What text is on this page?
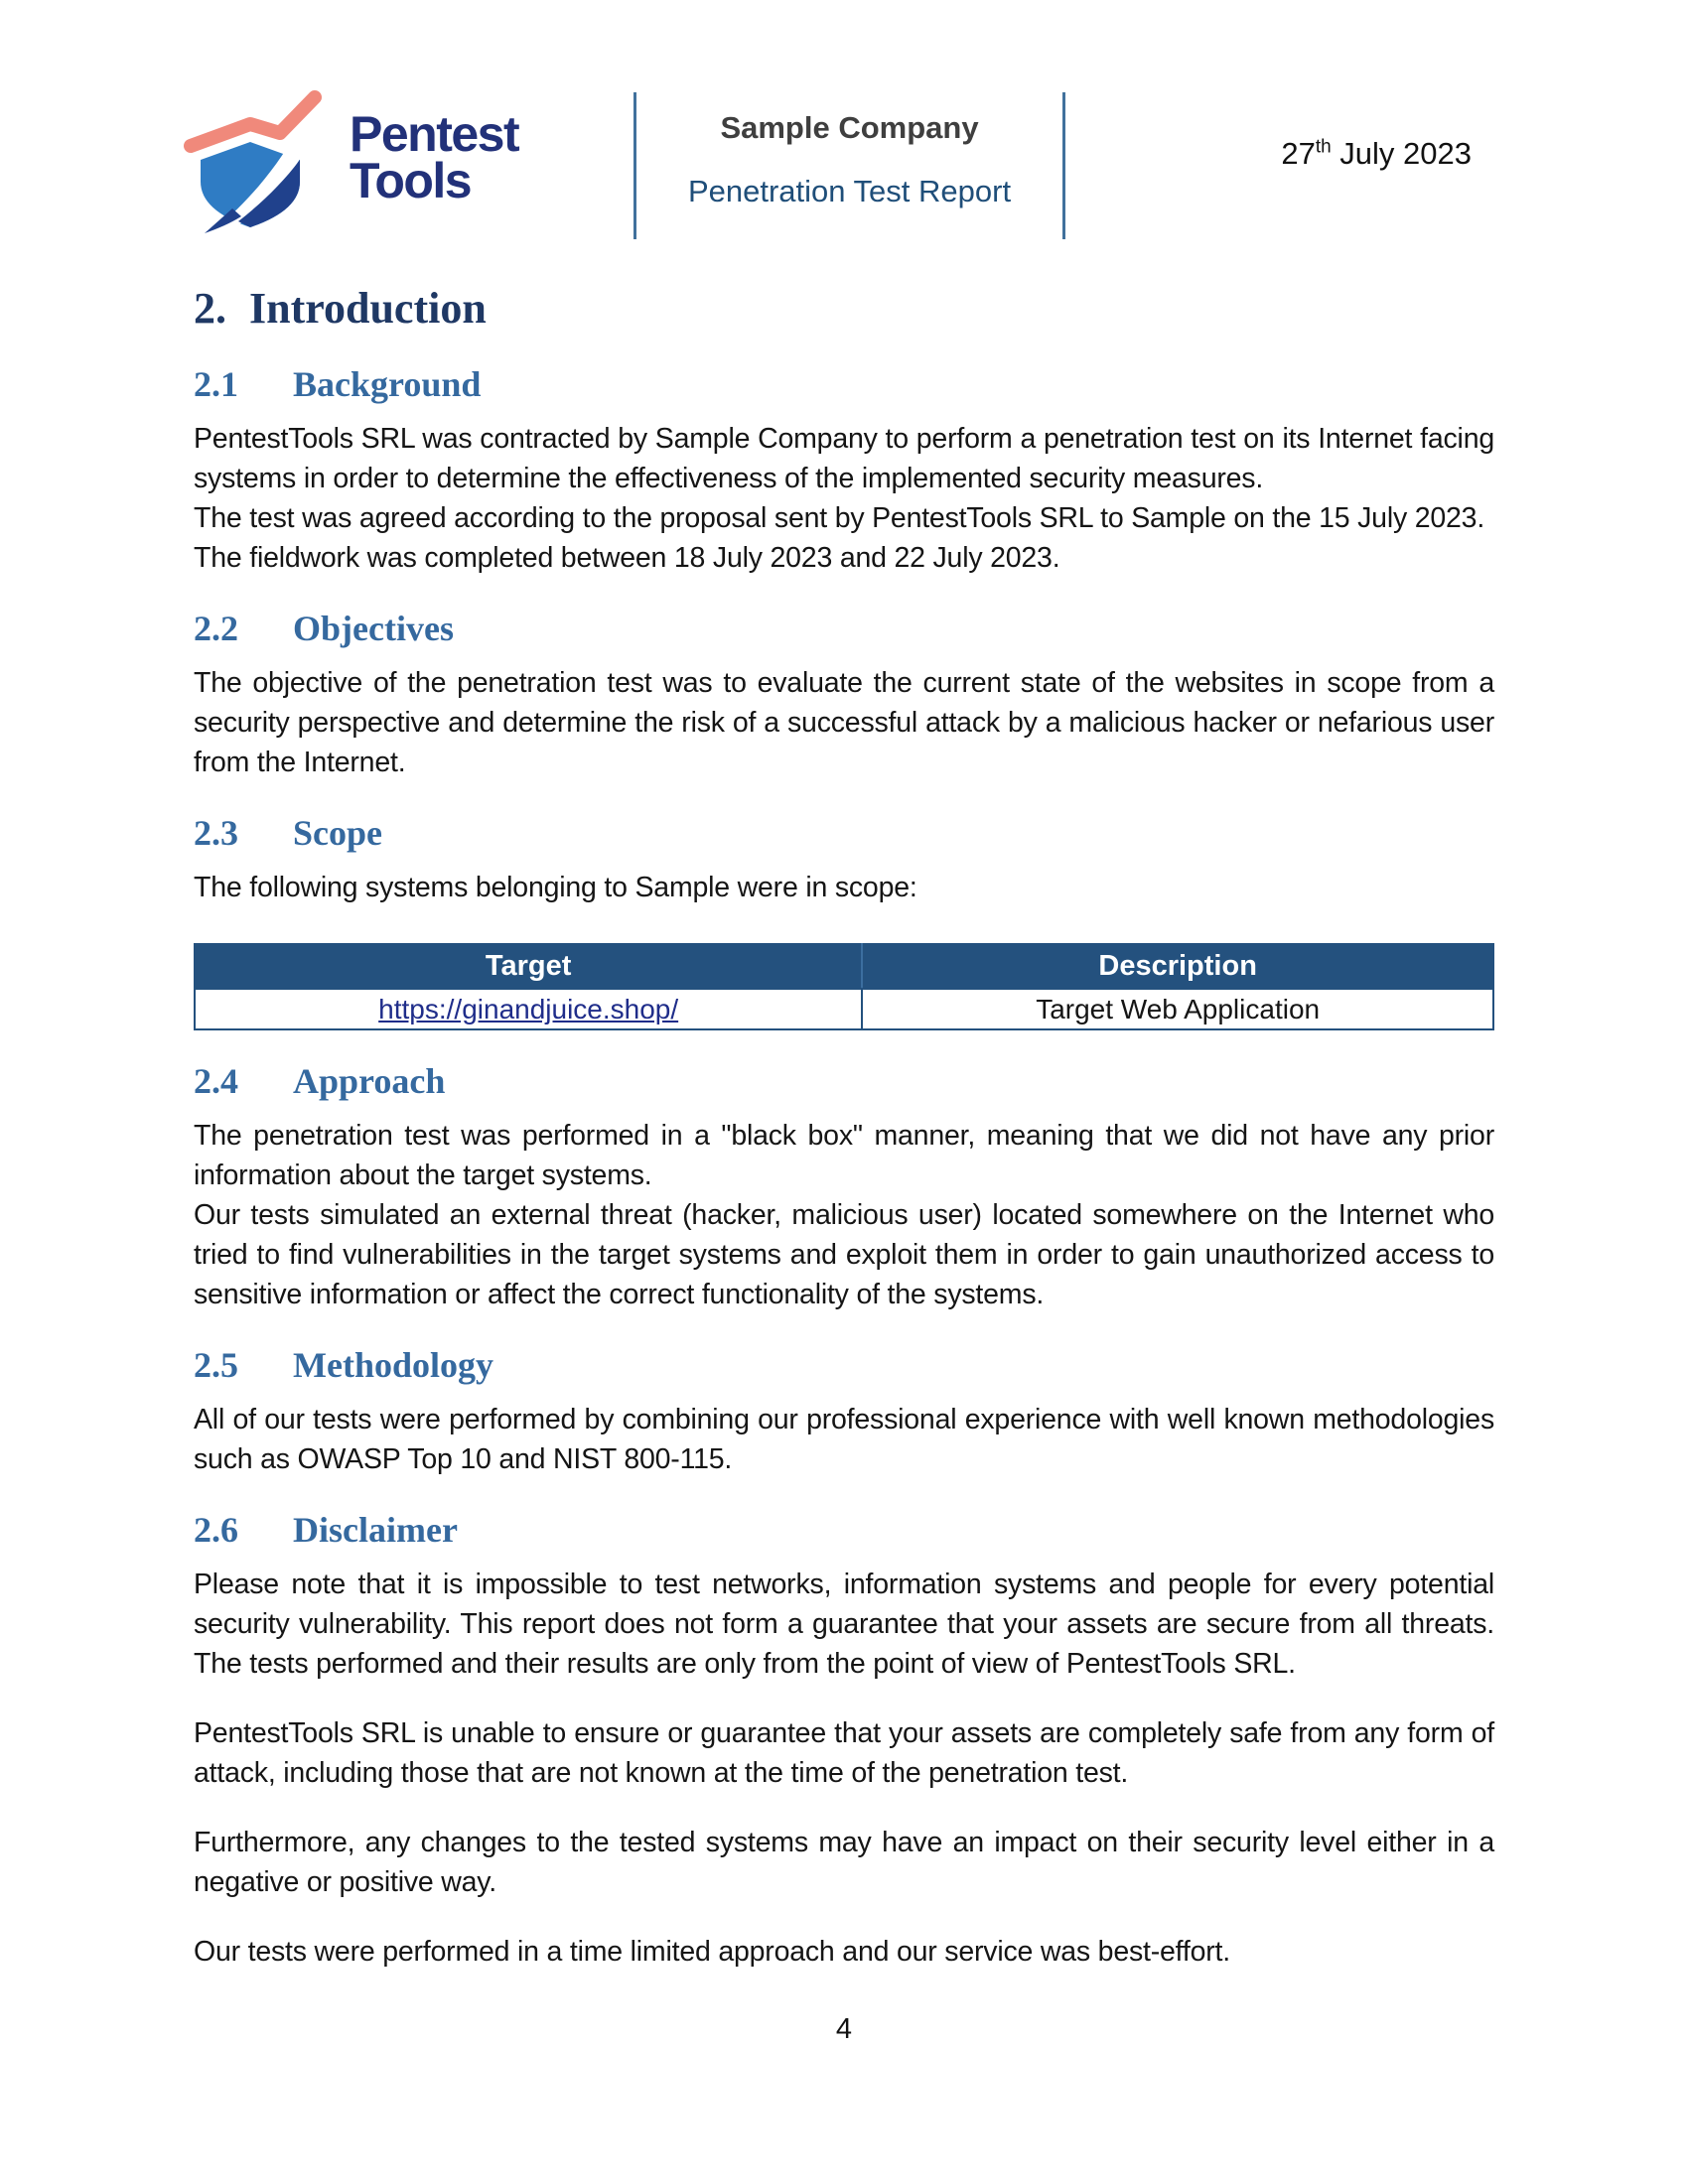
Pentest
Tools

Sample Company

Penetration Test Report

27th July 2023
2. Introduction
2.1	Background

PentestTools SRL was contracted by Sample Company to perform a penetration test on its Internet facing systems in order to determine the effectiveness of the implemented security measures.

The test was agreed according to the proposal sent by PentestTools SRL to Sample on the 15 July 2023.

The fieldwork was completed between 18 July 2023 and 22 July 2023.

2.2	Objectives

The objective of the penetration test was to evaluate the current state of the websites in scope from a security perspective and determine the risk of a successful attack by a malicious hacker or nefarious user from the Internet.

2.3	Scope

The following systems belonging to Sample were in scope:

Target	Description
https://ginandjuice.shop/	Target Web Application
2.4	Approach

The penetration test was performed in a "black box" manner, meaning that we did not have any prior information about the target systems.

Our tests simulated an external threat (hacker, malicious user) located somewhere on the Internet who tried to find vulnerabilities in the target systems and exploit them in order to gain unauthorized access to sensitive information or affect the correct functionality of the systems.

2.5	Methodology

All of our tests were performed by combining our professional experience with well known methodologies such as OWASP Top 10 and NIST 800-115.

2.6	Disclaimer

Please note that it is impossible to test networks, information systems and people for every potential security vulnerability. This report does not form a guarantee that your assets are secure from all threats. The tests performed and their results are only from the point of view of PentestTools SRL.

PentestTools SRL is unable to ensure or guarantee that your assets are completely safe from any form of attack, including those that are not known at the time of the penetration test.

Furthermore, any changes to the tested systems may have an impact on their security level either in a negative or positive way.

Our tests were performed in a time limited approach and our service was best-effort.

4
